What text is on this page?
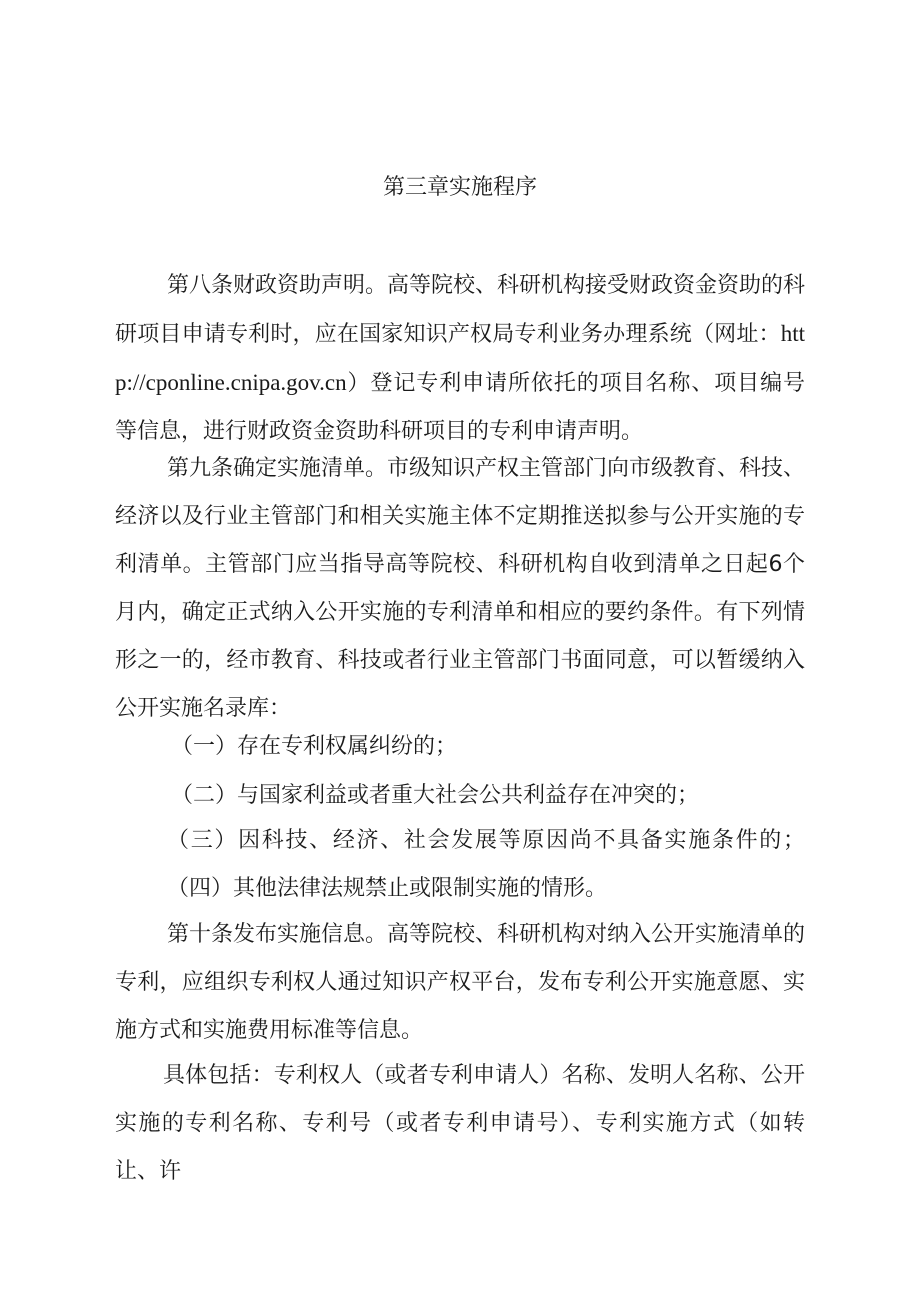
第三章实施程序

第八条财政资助声明。高等院校、科研机构接受财政资金资助的科研项目申请专利时，应在国家知识产权局专利业务办理系统（网址：http://cponline.cnipa.gov.cn）登记专利申请所依托的项目名称、项目编号等信息，进行财政资金资助科研项目的专利申请声明。

第九条确定实施清单。市级知识产权主管部门向市级教育、科技、经济以及行业主管部门和相关实施主体不定期推送拟参与公开实施的专利清单。主管部门应当指导高等院校、科研机构自收到清单之日起6个月内，确定正式纳入公开实施的专利清单和相应的要约条件。有下列情形之一的，经市教育、科技或者行业主管部门书面同意，可以暂缓纳入公开实施名录库：

（一）存在专利权属纠纷的；

（二）与国家利益或者重大社会公共利益存在冲突的；

（三）因科技、经济、社会发展等原因尚不具备实施条件的；（四）其他法律法规禁止或限制实施的情形。

第十条发布实施信息。高等院校、科研机构对纳入公开实施清单的专利，应组织专利权人通过知识产权平台，发布专利公开实施意愿、实施方式和实施费用标准等信息。

具体包括：专利权人（或者专利申请人）名称、发明人名称、公开实施的专利名称、专利号（或者专利申请号）、专利实施方式（如转让、许
